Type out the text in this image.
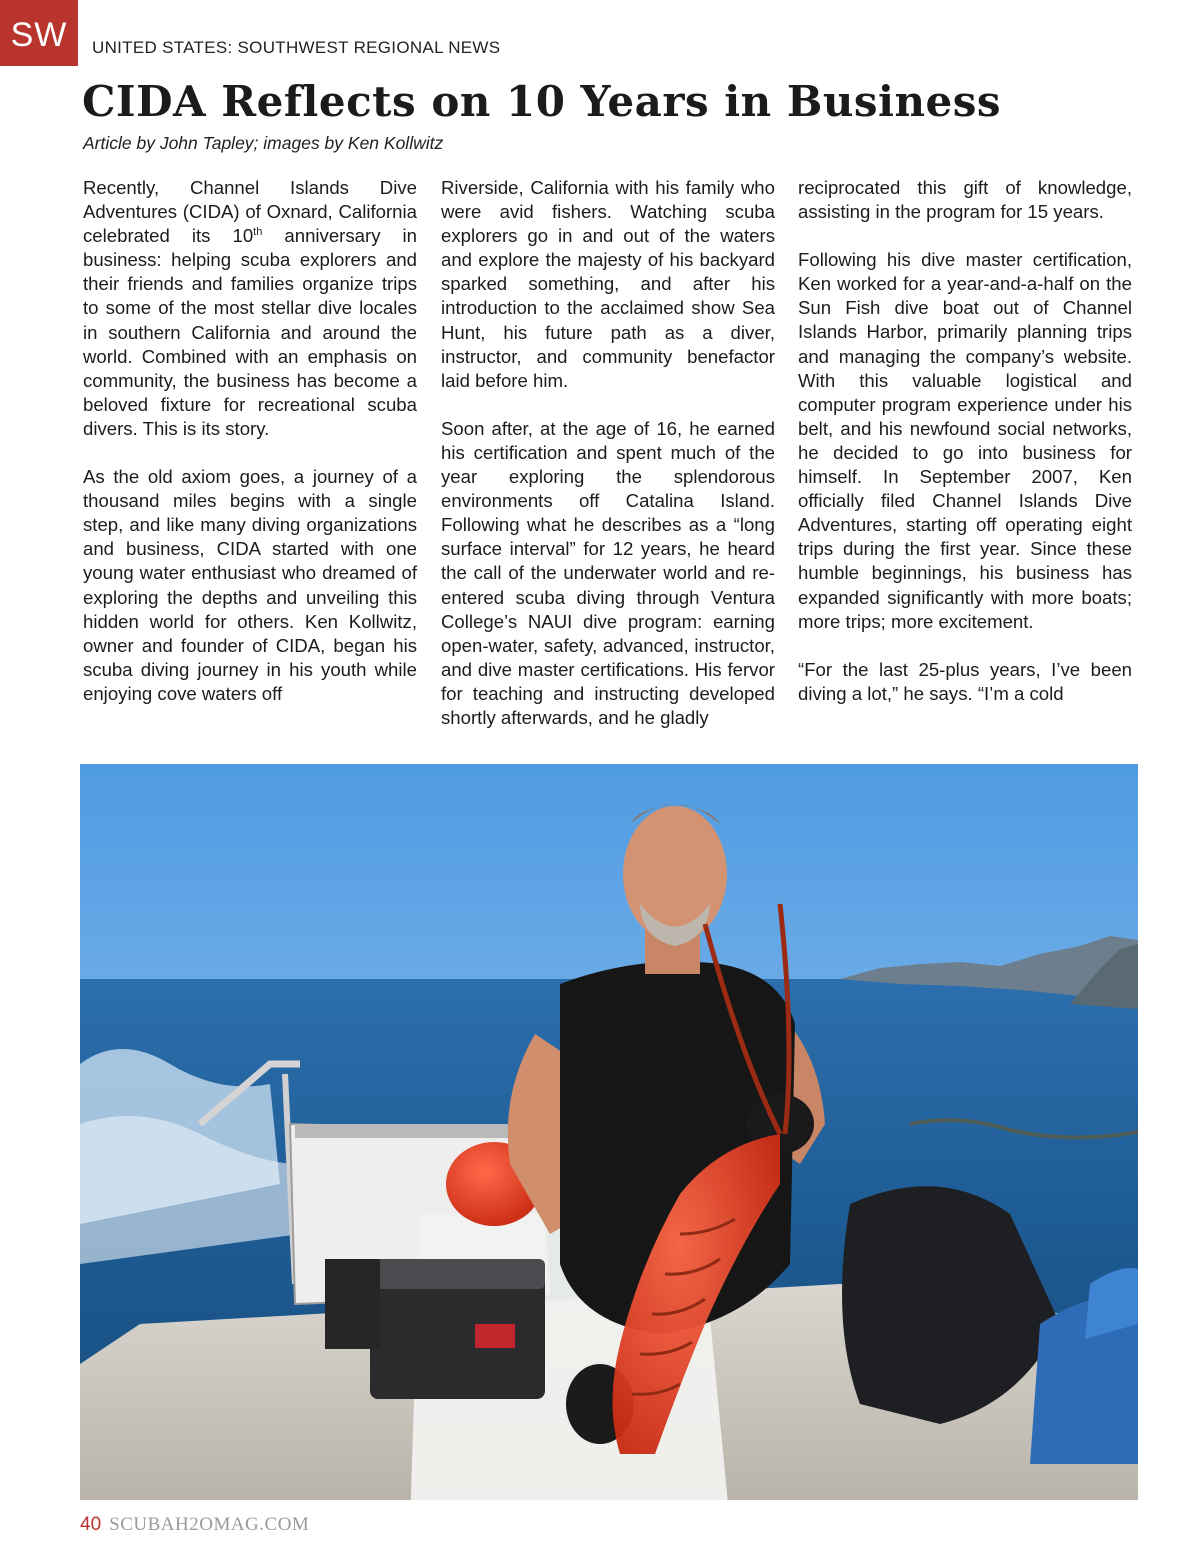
SW	UNITED STATES: SOUTHWEST REGIONAL NEWS
CIDA Reflects on 10 Years in Business
Article by John Tapley; images by Ken Kollwitz

Recently, Channel Islands Dive Adventures (CIDA) of Oxnard, California celebrated its 10th anniversary in business: helping scuba explorers and their friends and families organize trips to some of the most stellar dive locales in southern California and around the world. Combined with an emphasis on community, the business has become a beloved fixture for recreational scuba divers. This is its story.

As the old axiom goes, a journey of a thousand miles begins with a single step, and like many diving organizations and business, CIDA started with one young water enthusiast who dreamed of exploring the depths and unveiling this hidden world for others. Ken Kollwitz, owner and founder of CIDA, began his scuba diving journey in his youth while enjoying cove waters off

Riverside, California with his family who were avid fishers. Watching scuba explorers go in and out of the waters and explore the majesty of his backyard sparked something, and after his introduction to the acclaimed show Sea Hunt, his future path as a diver, instructor, and community benefactor laid before him.

Soon after, at the age of 16, he earned his certification and spent much of the year exploring the splendorous environments off Catalina Island. Following what he describes as a “long surface interval” for 12 years, he heard the call of the underwater world and re-entered scuba diving through Ventura College’s NAUI dive program: earning open-water, safety, advanced, instructor, and dive master certifications. His fervor for teaching and instructing developed shortly afterwards, and he gladly

reciprocated this gift of knowledge, assisting in the program for 15 years.

Following his dive master certification, Ken worked for a year-and-a-half on the Sun Fish dive boat out of Channel Islands Harbor, primarily planning trips and managing the company’s website. With this valuable logistical and computer program experience under his belt, and his newfound social networks, he decided to go into business for himself. In September 2007, Ken officially filed Channel Islands Dive Adventures, starting off operating eight trips during the first year. Since these humble beginnings, his business has expanded significantly with more boats; more trips; more excitement.

“For the last 25-plus years, I’ve been diving a lot,” he says. “I’m a cold

40 SCUBAH2OMAG.COM
